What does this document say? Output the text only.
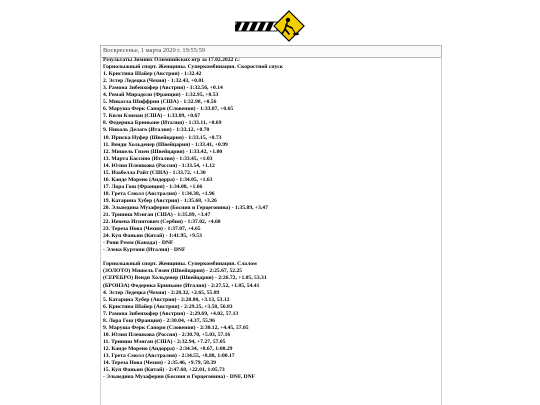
Воскресенье, 1 марта 2020 г. 19:55:59
Результаты Зимних Олимпийских игр за 17.02.2022 г.:
Горнолыжный спорт. Женщины. Суперкомбинация. Скоростной спуск
1. Кристина Шайер (Австрия) - 1:32.42
2. Эстер Ледецка (Чехия) - 1:32.43, +0.01
3. Рамона Зибенхофер (Австрия) - 1:32.56, +0.14
4. Ромай Мирадоли (Франция) - 1:32.95, +0.53
5. Микаэла Шиффрин (США) - 1:32.98, +0.56
6. Маруша Ферк Сапорн (Словения) - 1:33.07, +0.65
7. Кили Кэнман (США) - 1:33.09, +0.67
8. Федерика Бриньоне (Италия) - 1:33.11, +0.69
9. Николь Делаго (Италия) - 1:33.12, +0.70
10. Приска Нуфер (Швейцария) - 1:33.15, +0.73
11. Венди Хольденер (Швейцария) - 1:33.41, +0.99
12. Мишель Гизен (Швейцария) - 1:33.42, +1.00
13. Марта Бассино (Италия) - 1:33.45, +1.03
14. Юлия Плешкова (Россия) - 1:33.54, +1.12
15. Изабелла Райт (США) - 1:33.72, +1.30
16. Канде Морено (Андорра) - 1:34.05, +1.63
17. Лора Гош (Франция) - 1:34.08, +1.66
18. Грета Смолл (Австралия) - 1:34.38, +1.96
19. Катарина Хубер (Австрия) - 1:35.68, +3.26
20. Эльведина Музаферия (Босния и Герцеговина) - 1:35.89, +3.47
21. Триниш Мэнган (США) - 1:35.89, +3.47
22. Невена Игнятович (Сербия) - 1:37.02, +4.60
23. Тереза Нова (Чехия) - 1:37.07, +4.65
24. Куп Фаньин (Китай) - 1:41.95, +9.53
- Рони Ремм (Канада) - DNF
- Элена Куртони (Италия) - DNF
Горнолыжный спорт. Женщины. Суперкомбинация. Слалом
(ЗОЛОТО) Мишель Гизен (Швейцария) - 2:25.67, 52.25
(СЕРЕБРО) Венди Хольденер (Швейцария) - 2:26.72, +1.05, 53.31
(БРОНЗА) Федерика Бриньоне (Италия) - 2:27.52, +1.85, 54.41
4. Эстер Ледецка (Чехия) - 2:28.32, +2.65, 55.89
5. Катарина Хубер (Австрия) - 2:28.80, +3.13, 53.12
6. Кристина Шайер (Австрия) - 2:29.25, +3.58, 56.83
7. Рамона Зибенхофер (Австрия) - 2:29.69, +4.02, 57.13
8. Лора Гош (Франция) - 2:30.04, +4.37, 55.96
9. Маруша Ферк Сапорн (Словения) - 2:30.12, +4.45, 57.05
10. Юлия Плешкова (Россия) - 2:30.70, +5.03, 57.16
11. Триниш Мэнган (США) - 2:32.94, +7.27, 57.05
12. Канде Морено (Андорра) - 2:34.34, +8.67, 1:00.29
13. Грета Смолл (Австралия) - 2:34.55, +8.88, 1:00.17
14. Тереза Нова (Чехия) - 2:35.46, +9.79, 58.39
15. Куп Фаньин (Китай) - 2:47.68, +22.01, 1:05.73
- Эльведина Музаферия (Босния и Герцеговина) - DNF, DNF
